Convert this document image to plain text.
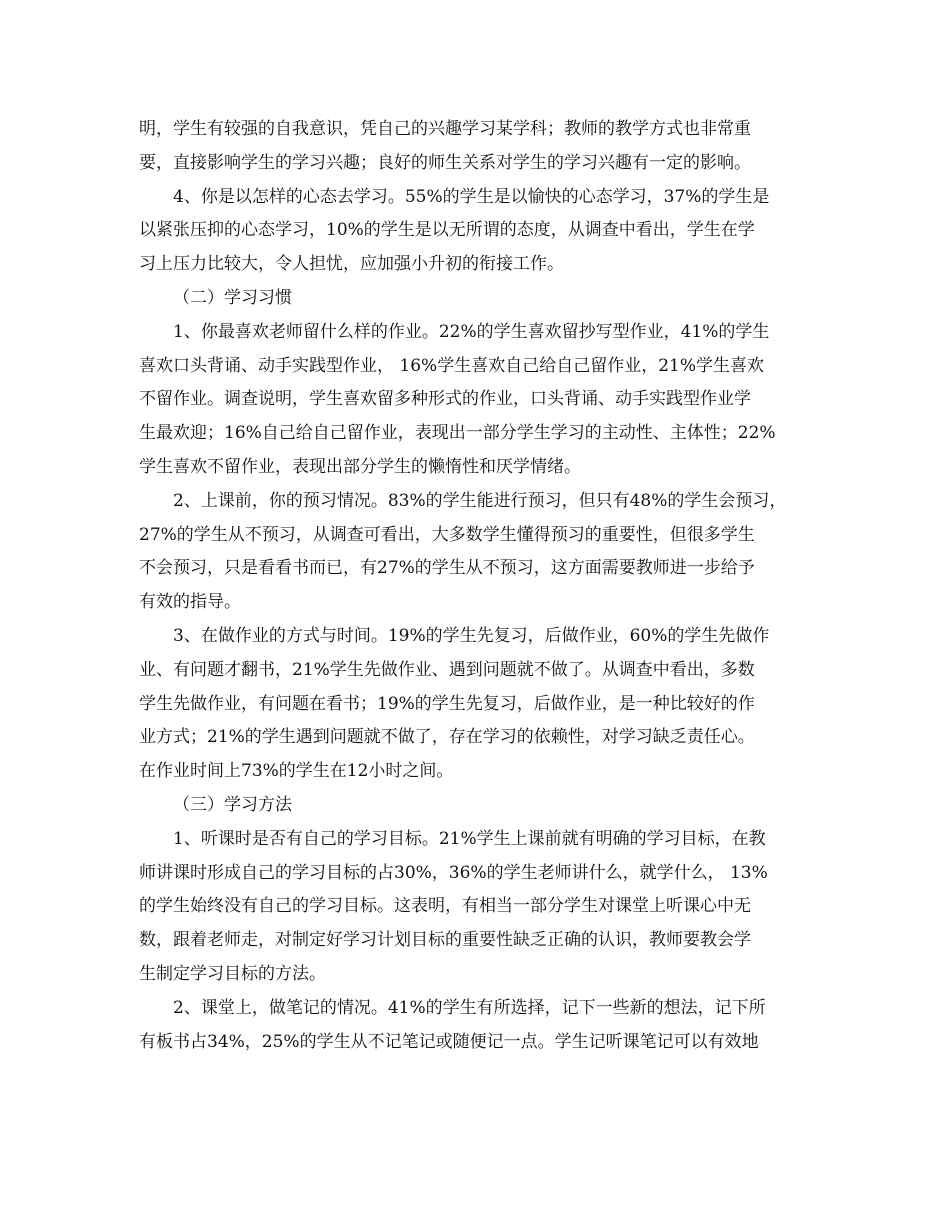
明，学生有较强的自我意识，凭自己的兴趣学习某学科；教师的教学方式也非常重
要，直接影响学生的学习兴趣；良好的师生关系对学生的学习兴趣有一定的影响。
4、你是以怎样的心态去学习。55%的学生是以愉快的心态学习，37%的学生是
以紧张压抑的心态学习，10%的学生是以无所谓的态度，从调查中看出，学生在学
习上压力比较大，令人担忧，应加强小升初的衔接工作。
（二）学习习惯
1、你最喜欢老师留什么样的作业。22%的学生喜欢留抄写型作业，41%的学生
喜欢口头背诵、动手实践型作业， 16%学生喜欢自己给自己留作业，21%学生喜欢
不留作业。调查说明，学生喜欢留多种形式的作业，口头背诵、动手实践型作业学
生最欢迎；16%自己给自己留作业，表现出一部分学生学习的主动性、主体性；22%
学生喜欢不留作业，表现出部分学生的懒惰性和厌学情绪。
2、上课前，你的预习情况。83%的学生能进行预习，但只有48%的学生会预习，
27%的学生从不预习，从调查可看出，大多数学生懂得预习的重要性，但很多学生
不会预习，只是看看书而已，有27%的学生从不预习，这方面需要教师进一步给予
有效的指导。
3、在做作业的方式与时间。19%的学生先复习，后做作业，60%的学生先做作
业、有问题才翻书，21%学生先做作业、遇到问题就不做了。从调查中看出，多数
学生先做作业，有问题在看书；19%的学生先复习，后做作业，是一种比较好的作
业方式；21%的学生遇到问题就不做了，存在学习的依赖性，对学习缺乏责任心。
在作业时间上73%的学生在12小时之间。
（三）学习方法
1、听课时是否有自己的学习目标。21%学生上课前就有明确的学习目标，在教
师讲课时形成自己的学习目标的占30%，36%的学生老师讲什么，就学什么， 13%
的学生始终没有自己的学习目标。这表明，有相当一部分学生对课堂上听课心中无
数，跟着老师走，对制定好学习计划目标的重要性缺乏正确的认识，教师要教会学
生制定学习目标的方法。
2、课堂上，做笔记的情况。41%的学生有所选择，记下一些新的想法，记下所
有板书占34%，25%的学生从不记笔记或随便记一点。学生记听课笔记可以有效地
